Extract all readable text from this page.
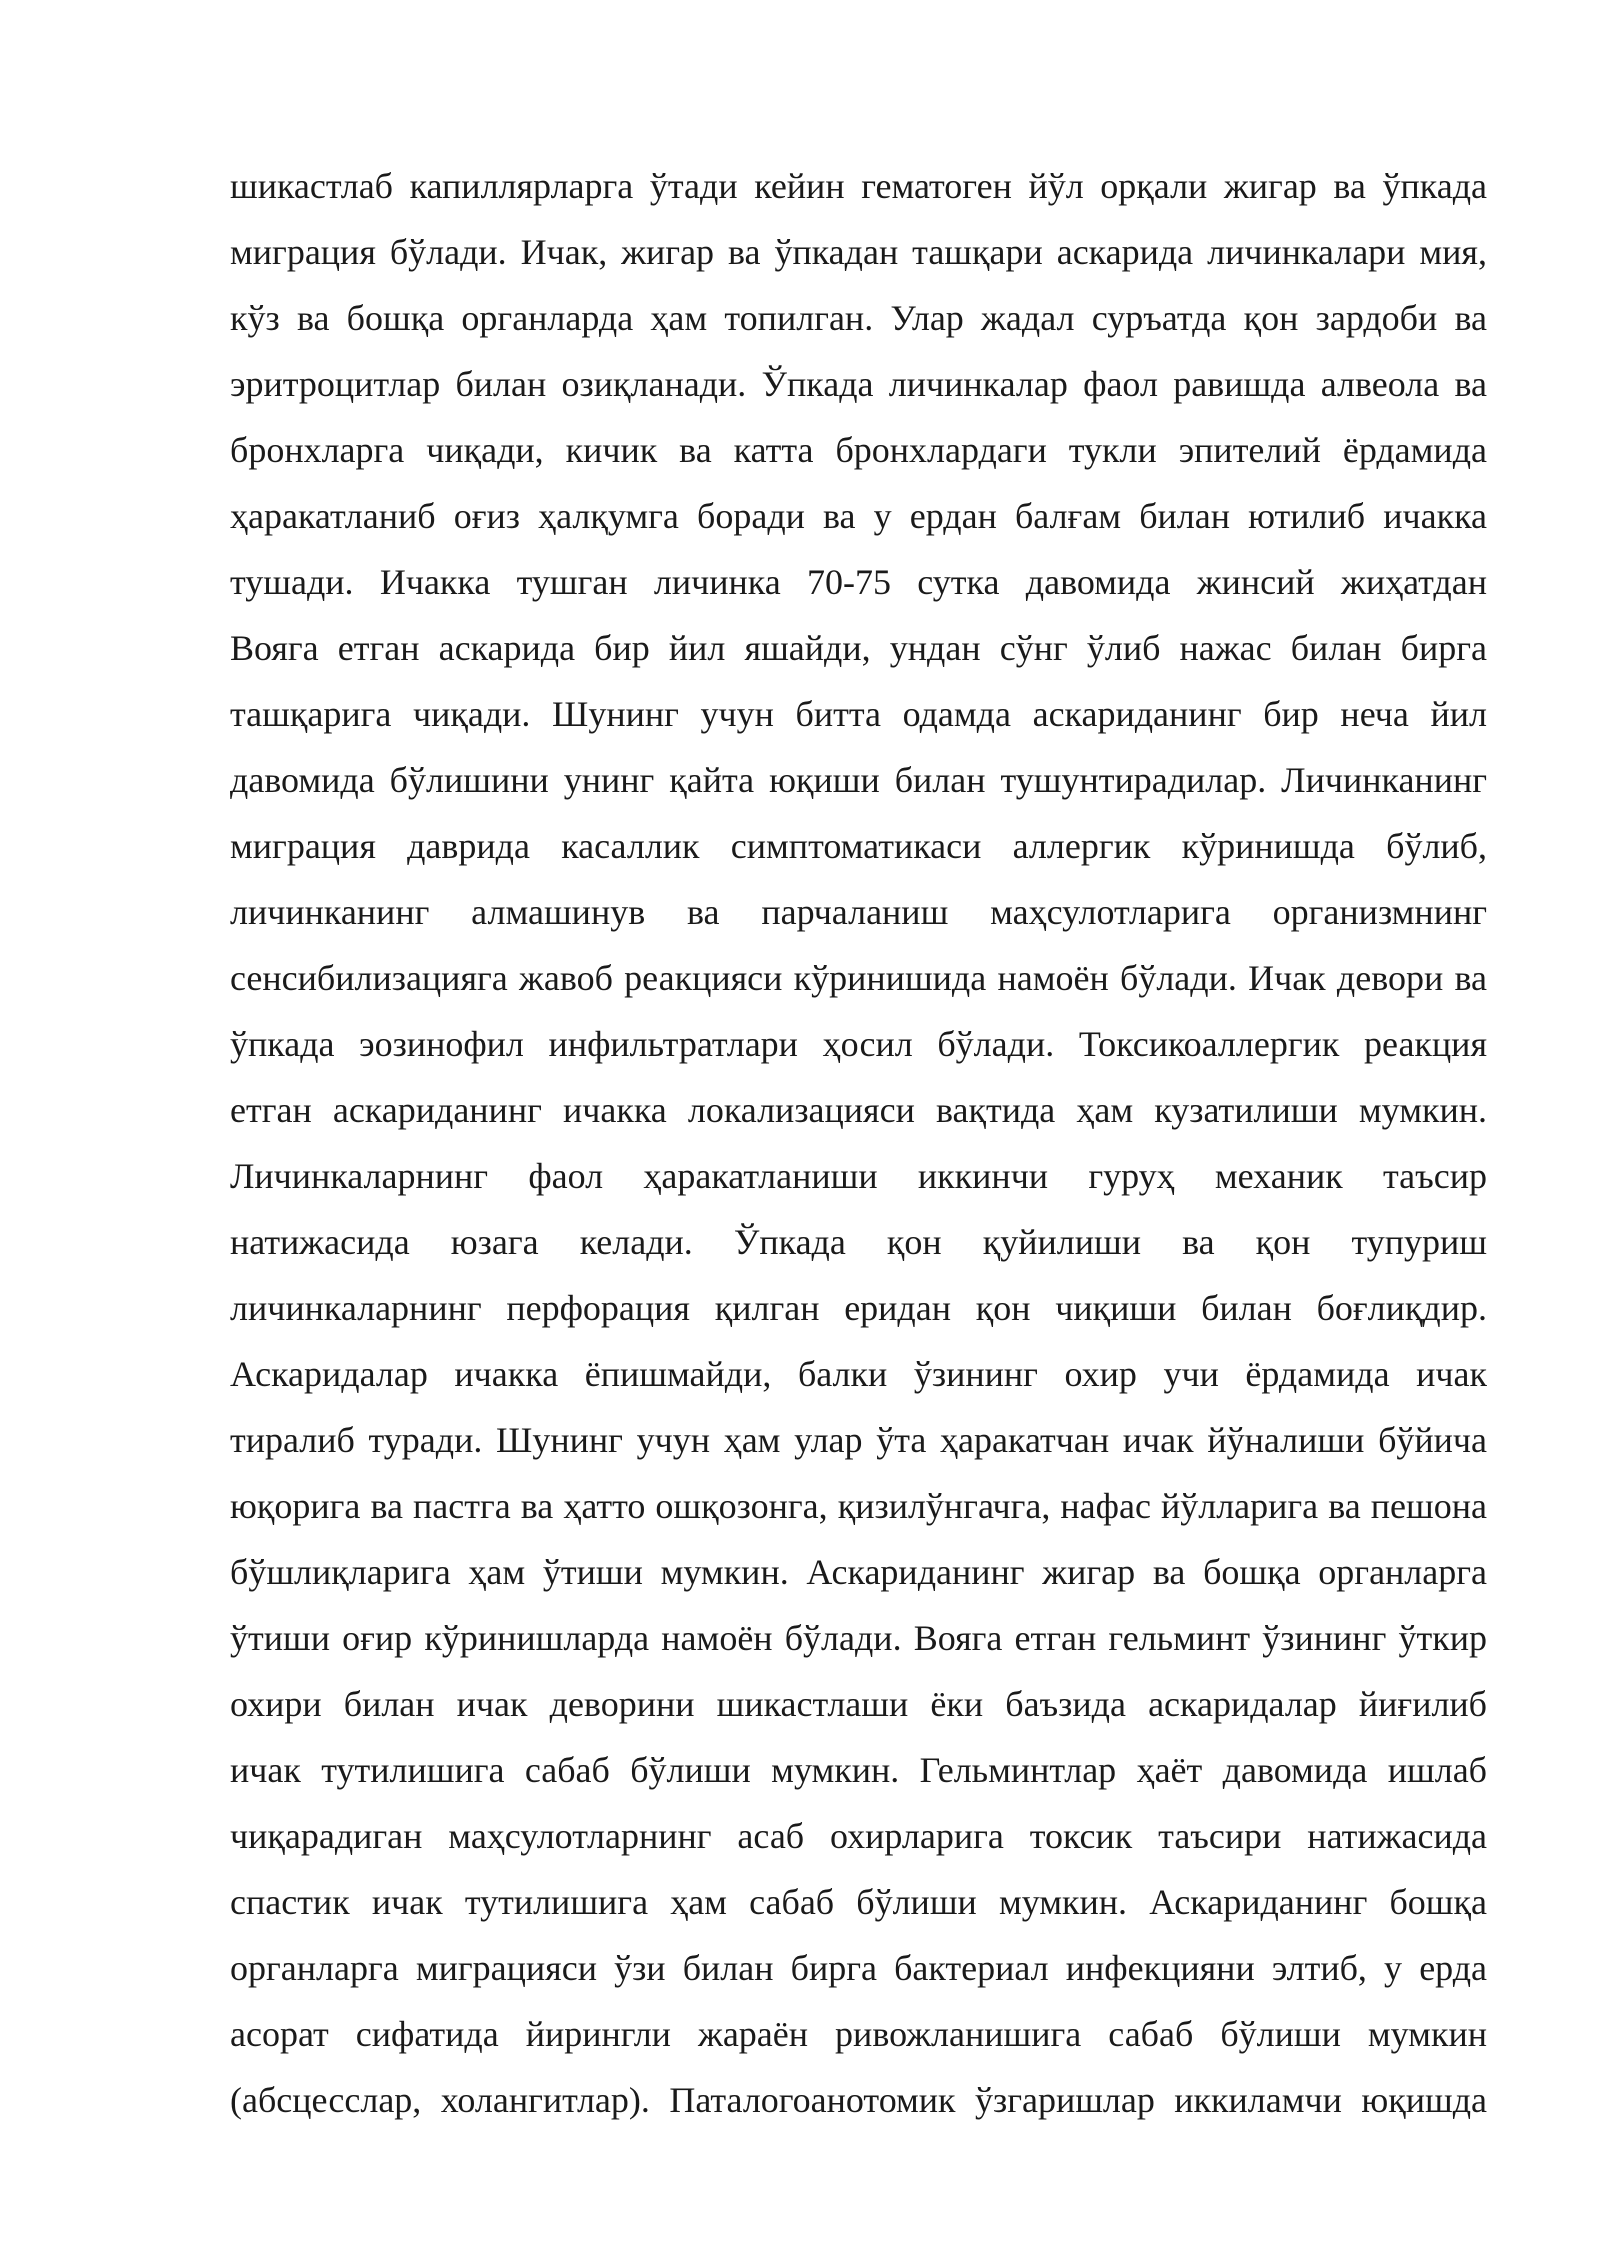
шикастлаб капиллярларга ўтади кейин гематоген йўл орқали жигар ва ўпкада
миграция бўлади. Ичак, жигар ва ўпкадан ташқари аскарида личинкалари мия,
кўз ва бошқа органларда ҳам топилган. Улар жадал суръатда қон зардоби ва
эритроцитлар билан озиқланади. Ўпкада личинкалар фаол равишда алвеола ва
бронхларга чиқади, кичик ва катта бронхлардаги тукли эпителий ёрдамида
ҳаракатланиб оғиз ҳалқумга боради ва у ердан балғам билан ютилиб ичакка
тушади. Ичакка тушган личинка 70-75 сутка давомида жинсий жиҳатдан
Вояга етган аскарида бир йил яшайди, ундан сўнг ўлиб нажас билан бирга
ташқарига чиқади. Шунинг учун битта одамда аскариданинг бир неча йил
давомида бўлишини унинг қайта юқиши билан тушунтирадилар. Личинканинг
миграция даврида касаллик симптоматикаси аллергик кўринишда бўлиб,
личинканинг алмашинув ва парчаланиш маҳсулотларига организмнинг
сенсибилизацияга жавоб реакцияси кўринишида намоён бўлади. Ичак девори ва
ўпкада эозинофил инфильтратлари ҳосил бўлади. Токсикоаллергик реакция
етган аскариданинг ичакка локализацияси вақтида ҳам кузатилиши мумкин.
Личинкаларнинг фаол ҳаракатланиши иккинчи гуруҳ механик таъсир
натижасида юзага келади. Ўпкада қон қуйилиши ва қон тупуриш
личинкаларнинг перфорация қилган еридан қон чиқиши билан боғлиқдир.
Аскаридалар ичакка ёпишмайди, балки ўзининг охир учи ёрдамида ичак
тиралиб туради. Шунинг учун ҳам улар ўта ҳаракатчан ичак йўналиши бўйича
юқорига ва пастга ва ҳатто ошқозонга, қизилўнгачга, нафас йўлларига ва пешона
бўшлиқларига ҳам ўтиши мумкин. Аскариданинг жигар ва бошқа органларга
ўтиши оғир кўринишларда намоён бўлади. Вояга етган гельминт ўзининг ўткир
охири билан ичак деворини шикастлаши ёки баъзида аскаридалар йиғилиб
ичак тутилишига сабаб бўлиши мумкин. Гельминтлар ҳаёт давомида ишлаб
чиқарадиган маҳсулотларнинг асаб охирларига токсик таъсири натижасида
спастик ичак тутилишига ҳам сабаб бўлиши мумкин. Аскариданинг бошқа
органларга миграцияси ўзи билан бирга бактериал инфекцияни элтиб, у ерда
асорат сифатида йирингли жараён ривожланишига сабаб бўлиши мумкин
(абсцесслар, холангитлар). Паталогоанотомик ўзгаришлар иккиламчи юқишда
